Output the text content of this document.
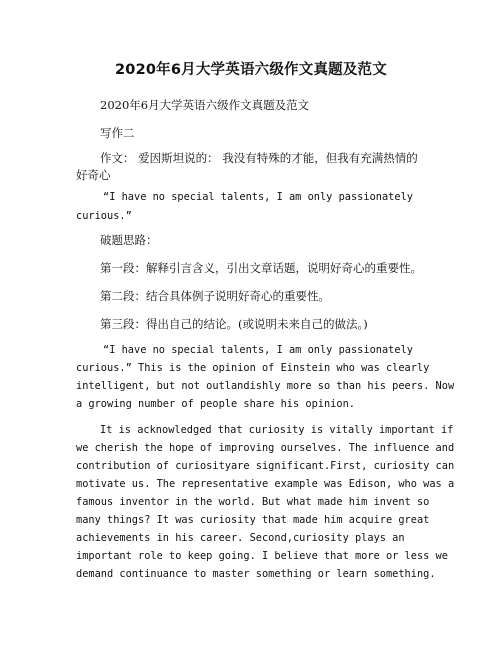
2020年6月大学英语六级作文真题及范文
2020年6月大学英语六级作文真题及范文
写作二
作文： 爱因斯坦说的： 我没有特殊的才能，但我有充满热情的
好奇心
“I have no special talents, I am only passionately
curious.”
破题思路：
第一段：解释引言含义，引出文章话题，说明好奇心的重要性。
第二段：结合具体例子说明好奇心的重要性。
第三段：得出自己的结论。(或说明未来自己的做法。)
“I have no special talents, I am only passionately
curious.” This is the opinion of Einstein who was clearly
intelligent, but not outlandishly more so than his peers. Now
a growing number of people share his opinion.
It is acknowledged that curiosity is vitally important if
we cherish the hope of improving ourselves. The influence and
contribution of curiosityare significant.First, curiosity can
motivate us. The representative example was Edison, who was a
famous inventor in the world. But what made him invent so
many things? It was curiosity that made him acquire great
achievements in his career. Second,curiosity plays an
important role to keep going. I believe that more or less we
demand continuance to master something or learn something.
